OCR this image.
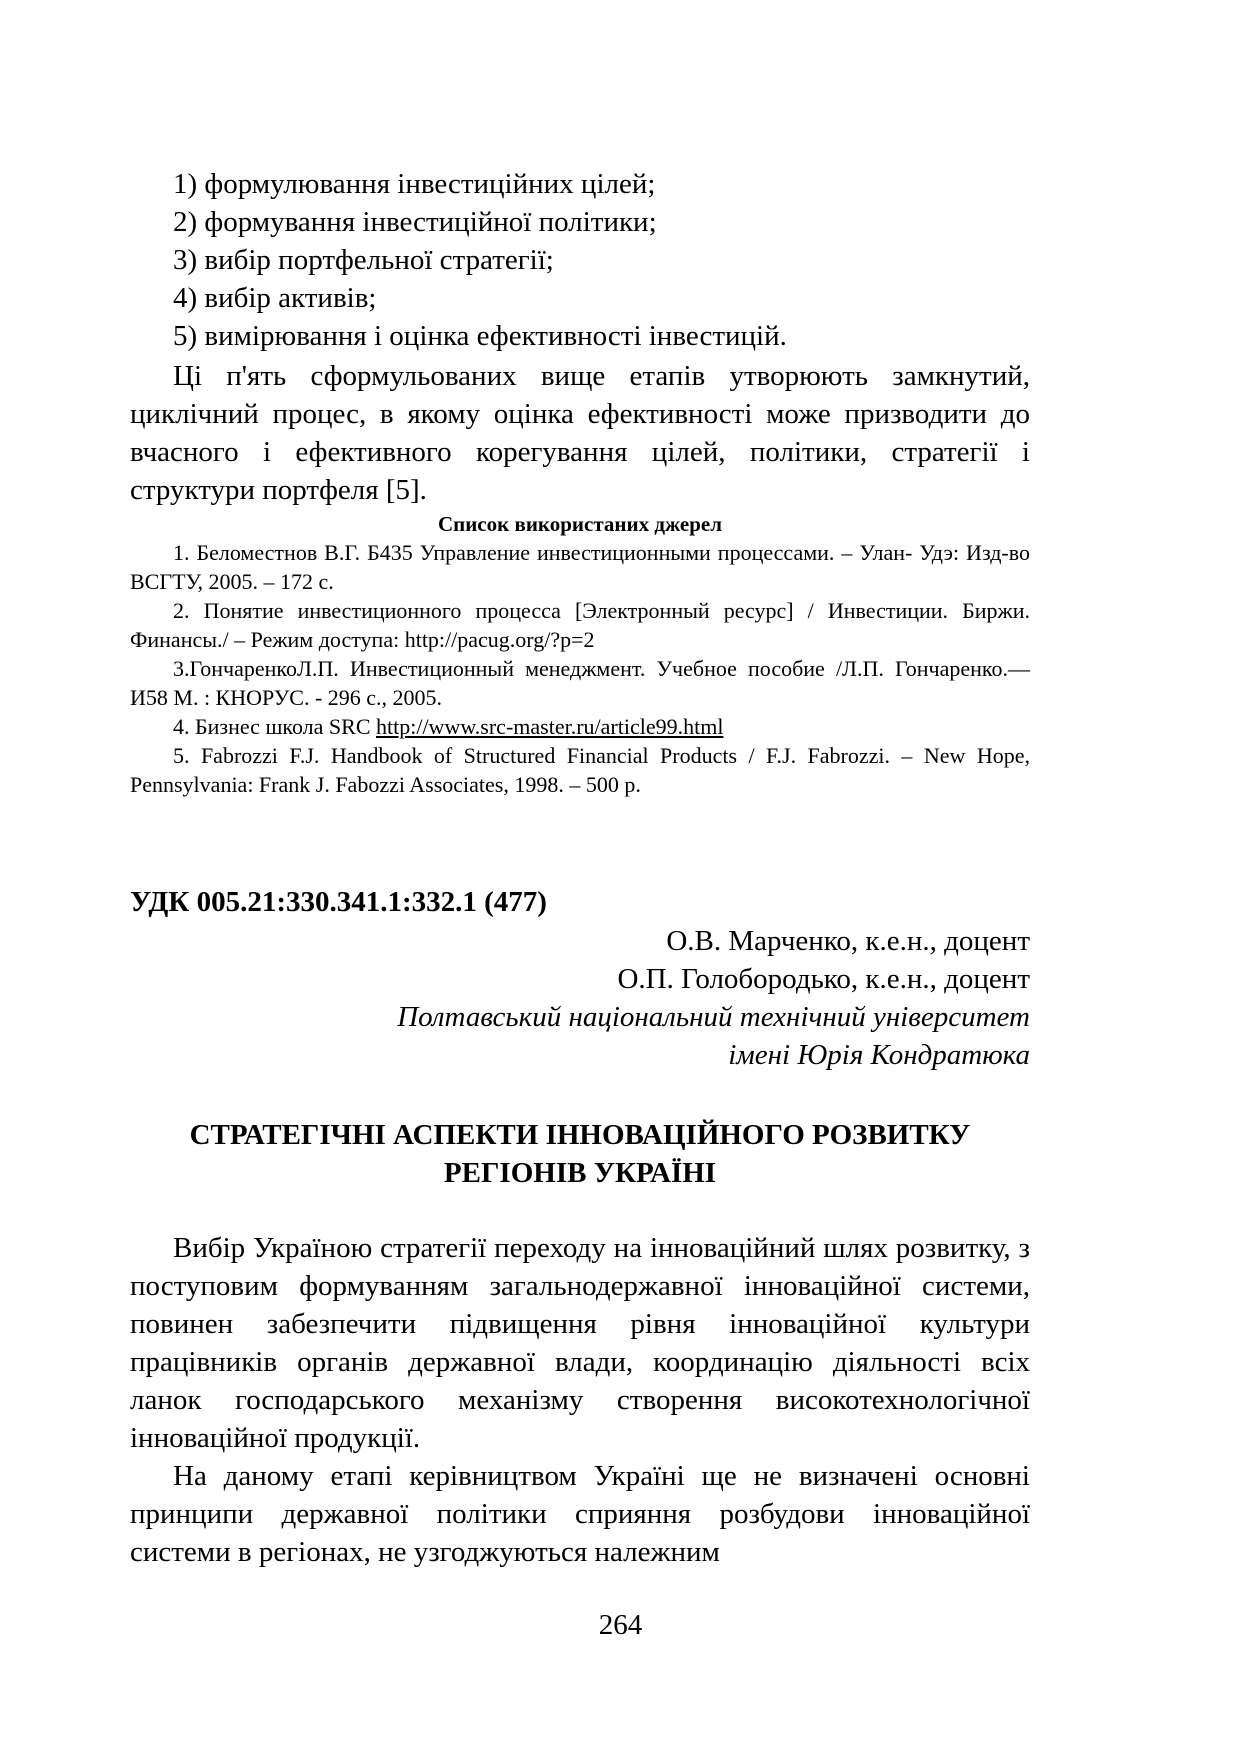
1) формулювання інвестиційних цілей;
2) формування інвестиційної політики;
3) вибір портфельної стратегії;
4) вибір активів;
5) вимірювання і оцінка ефективності інвестицій.

Ці п'ять сформульованих вище етапів утворюють замкнутий, циклічний процес, в якому оцінка ефективності може призводити до вчасного і ефективного корегування цілей, політики, стратегії і структури портфеля [5].

Список використаних джерел

1. Беломестнов В.Г. Б435 Управление инвестиционными процессами. – Улан- Удэ: Изд-во ВСГТУ, 2005. – 172 с.

2. Понятие инвестиционного процесса [Электронный ресурс] / Инвестиции. Биржи. Финансы./ – Режим доступа: http://pacug.org/?p=2

3.ГончаренкоЛ.П. Инвестиционный менеджмент. Учебное пособие /Л.П. Гончаренко.— И58 М. : КНОРУС. - 296 с., 2005.

4. Бизнес школа SRC http://www.src-master.ru/article99.html

5. Fabrozzi F.J. Handbook of Structured Financial Products / F.J. Fabrozzi. – New Hope, Pennsylvania: Frank J. Fabozzi Associates, 1998. – 500 p.

УДК 005.21:330.341.1:332.1 (477)
О.В. Марченко, к.е.н., доцент
О.П. Голобородько, к.е.н., доцент
Полтавський національний технічний університет
імені Юрія Кондратюка
СТРАТЕГІЧНІ АСПЕКТИ ІННОВАЦІЙНОГО РОЗВИТКУ
РЕГІОНІВ УКРАЇНІ

Вибір Україною стратегії переходу на інноваційний шлях розвитку, з поступовим формуванням загальнодержавної інноваційної системи, повинен забезпечити підвищення рівня інноваційної культури працівників органів державної влади, координацію діяльності всіх ланок господарського механізму створення високотехнологічної інноваційної продукції.

На даному етапі керівництвом Україні ще не визначені основні принципи державної політики сприяння розбудови інноваційної системи в регіонах, не узгоджуються належним

264
